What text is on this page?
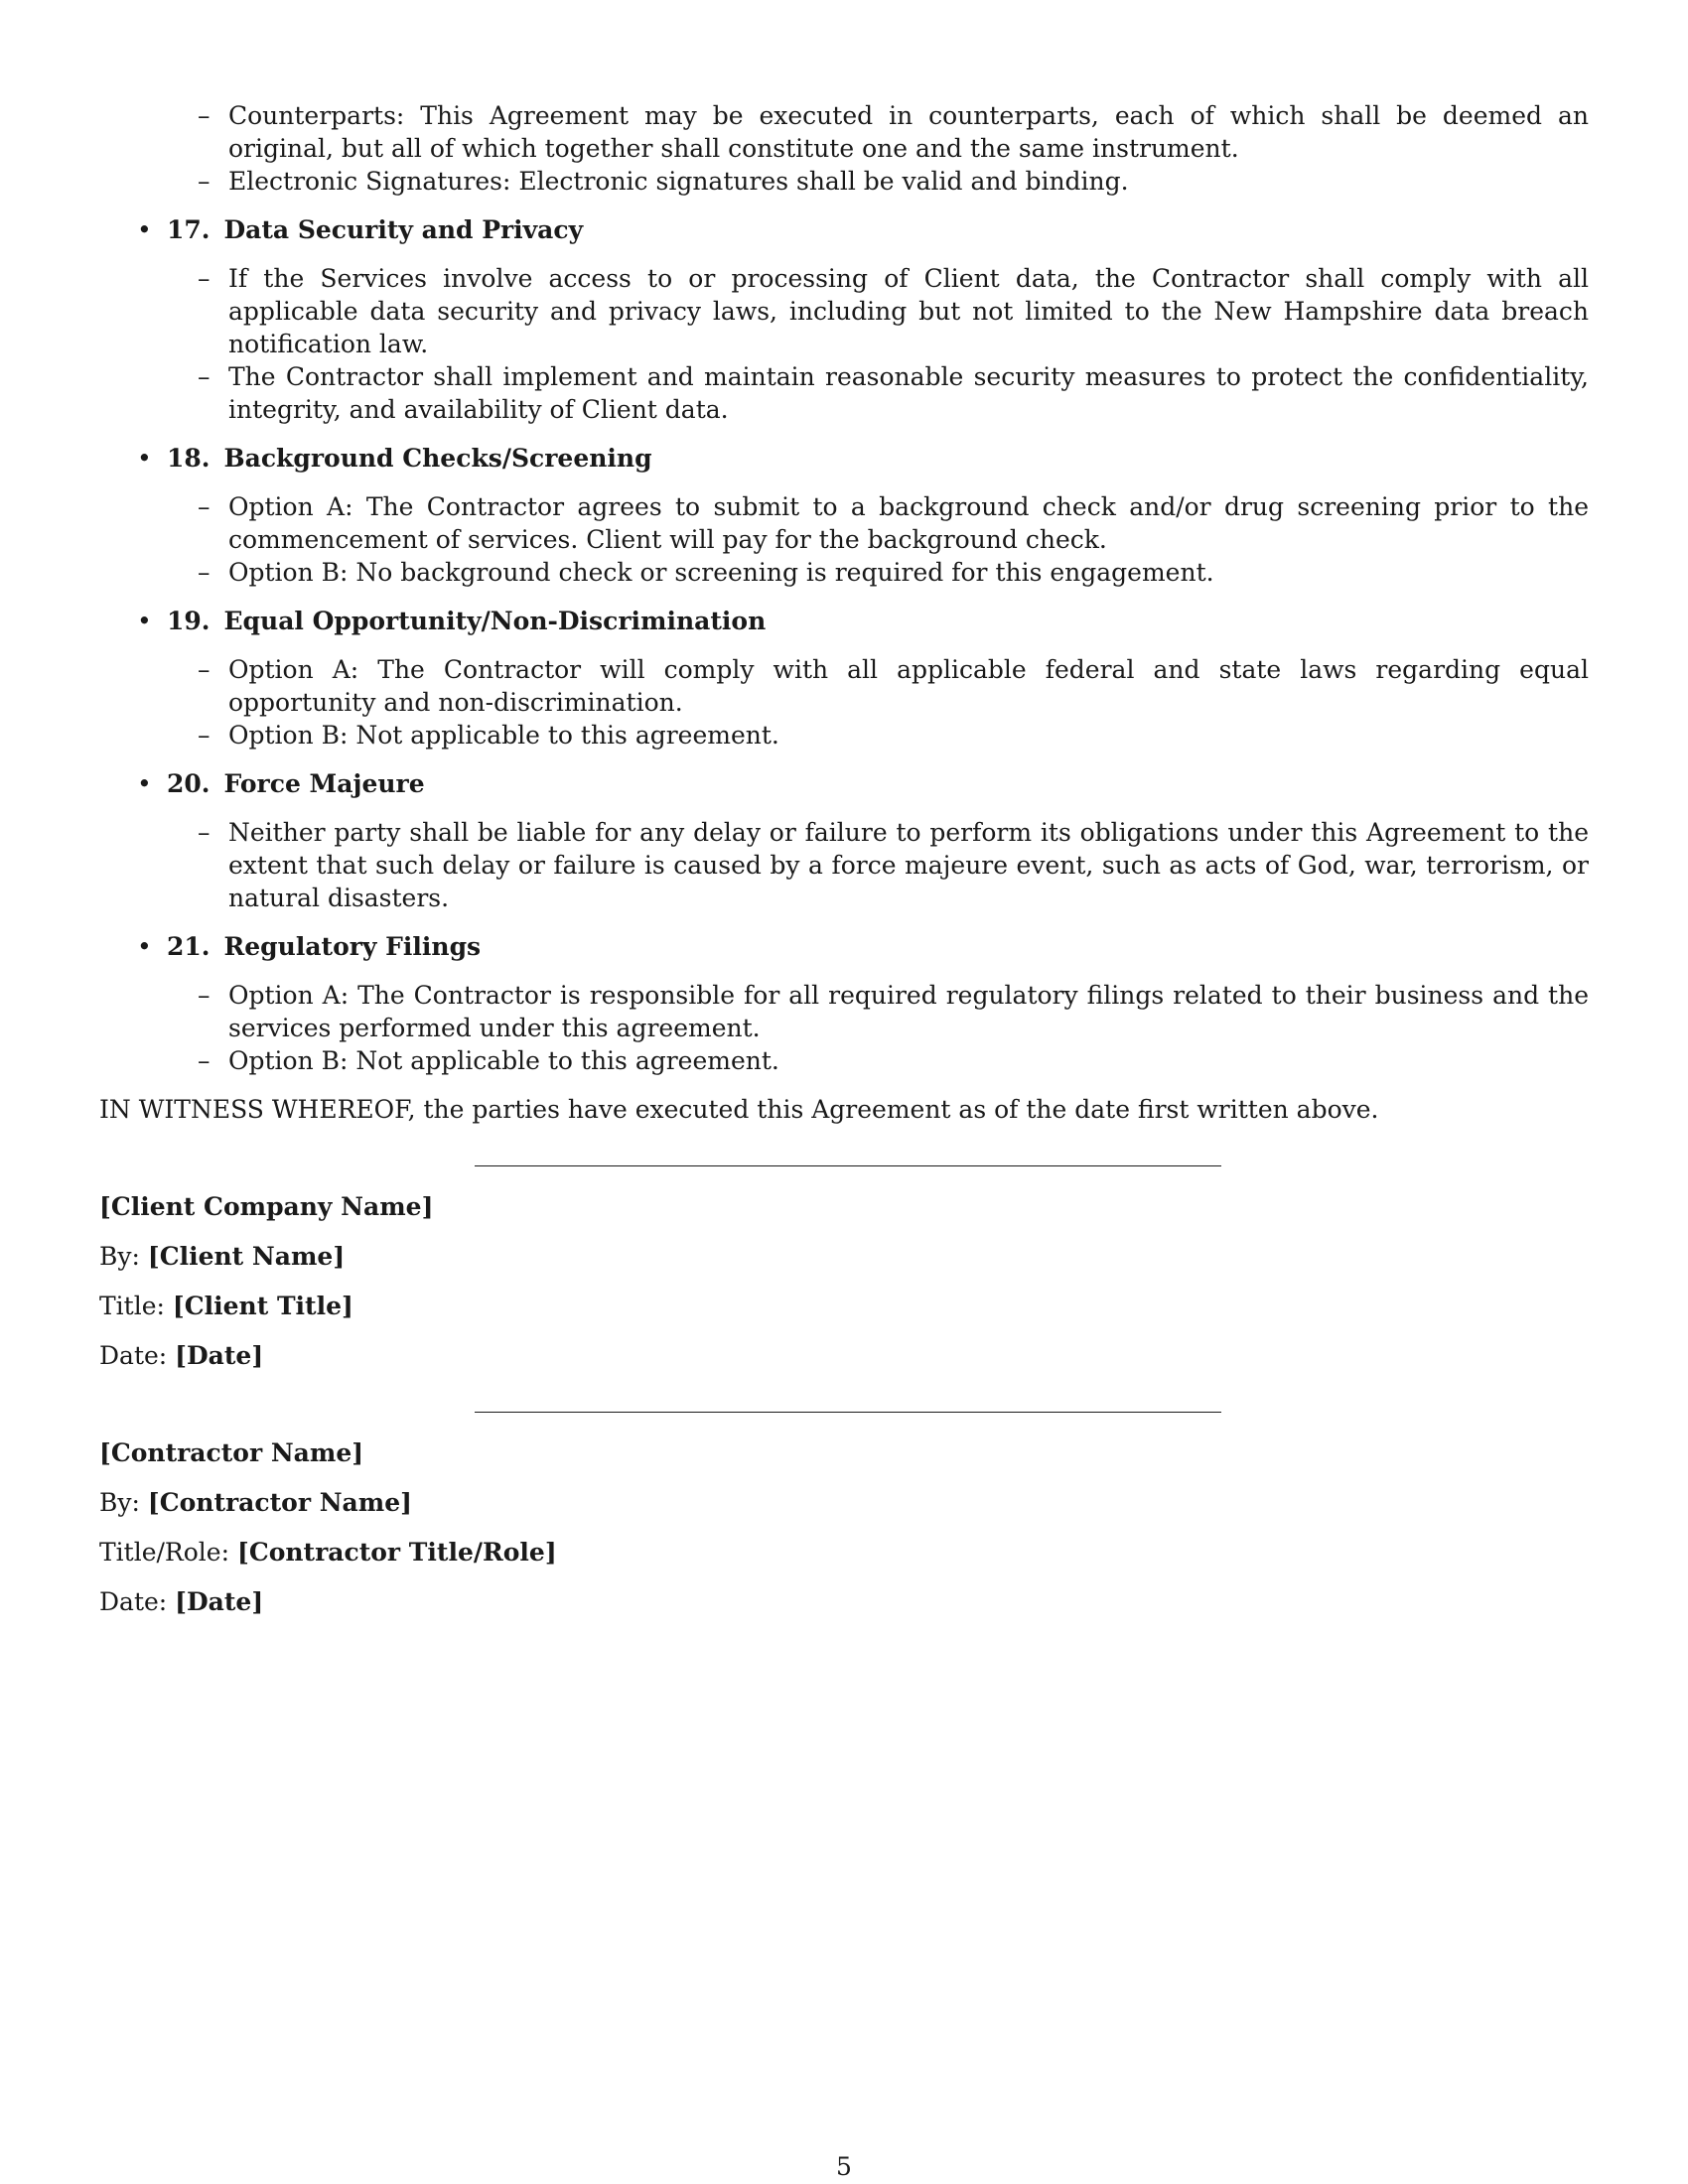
– Counterparts: This Agreement may be executed in counterparts, each of which shall be deemed an original, but all of which together shall constitute one and the same instrument.
– Electronic Signatures: Electronic signatures shall be valid and binding.
• 17. Data Security and Privacy
– If the Services involve access to or processing of Client data, the Contractor shall comply with all applicable data security and privacy laws, including but not limited to the New Hampshire data breach notification law.
– The Contractor shall implement and maintain reasonable security measures to protect the confidentiality, integrity, and availability of Client data.
• 18. Background Checks/Screening
– Option A: The Contractor agrees to submit to a background check and/or drug screening prior to the commencement of services. Client will pay for the background check.
– Option B: No background check or screening is required for this engagement.
• 19. Equal Opportunity/Non-Discrimination
– Option A: The Contractor will comply with all applicable federal and state laws regarding equal opportunity and non-discrimination.
– Option B: Not applicable to this agreement.
• 20. Force Majeure
– Neither party shall be liable for any delay or failure to perform its obligations under this Agreement to the extent that such delay or failure is caused by a force majeure event, such as acts of God, war, terrorism, or natural disasters.
• 21. Regulatory Filings
– Option A: The Contractor is responsible for all required regulatory filings related to their business and the services performed under this agreement.
– Option B: Not applicable to this agreement.
IN WITNESS WHEREOF, the parties have executed this Agreement as of the date first written above.
[Client Company Name]
By: [Client Name]
Title: [Client Title]
Date: [Date]
[Contractor Name]
By: [Contractor Name]
Title/Role: [Contractor Title/Role]
Date: [Date]
5
